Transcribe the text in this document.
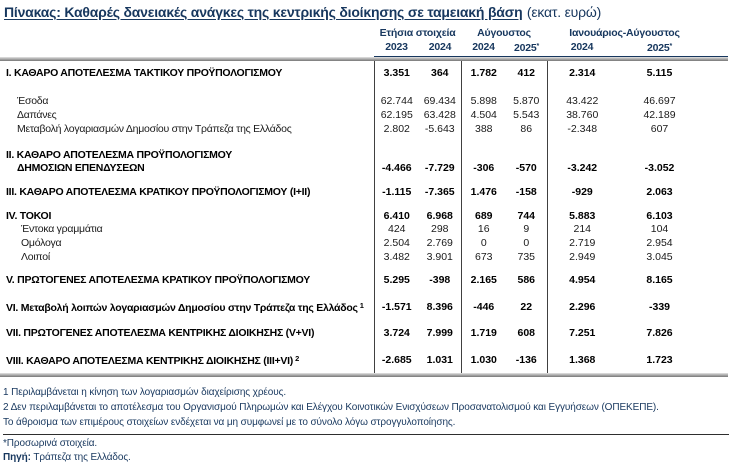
Πίνακας: Καθαρές δανειακές ανάγκες της κεντρικής διοίκησης σε ταμειακή βάση (εκατ. ευρώ)
	Ετήσια στοιχεία		Αύγουστος		Ιανουάριος-Αύγουστος		
	2023	2024	2024	2025*	2024	2025*	
I. ΚΑΘΑΡΟ ΑΠΟΤΕΛΕΣΜΑ ΤΑΚΤΙΚΟΥ ΠΡΟΫΠΟΛΟΓΙΣΜΟΥ	3.351	364	1.782	412	2.314	5.115	
Έσοδα	62.744	69.434	5.898	5.870	43.422	46.697	
Δαπάνες	62.195	63.428	4.504	5.543	38.760	42.189	
Μεταβολή λογαριασμών Δημοσίου στην Τράπεζα της Ελλάδος	2.802	-5.643	388	86	-2.348	607	

II. ΚΑΘΑΡΟ ΑΠΟΤΕΛΕΣΜΑ ΠΡΟΫΠΟΛΟΓΙΣΜΟΥ
ΔΗΜΟΣΙΩΝ ΕΠΕΝΔΥΣΕΩΝ	-4.466	-7.729	-306	-570	-3.242	-3.052	
III. ΚΑΘΑΡΟ ΑΠΟΤΕΛΕΣΜΑ ΚΡΑΤΙΚΟΥ ΠΡΟΫΠΟΛΟΓΙΣΜΟΥ (I+II)	-1.115	-7.365	1.476	-158	-929	2.063	
IV. ΤΟΚΟΙ	6.410	6.968	689	744	5.883	6.103	
Έντοκα γραμμάτια	424	298	16	9	214	104	
Ομόλογα	2.504	2.769	0	0	2.719	2.954	
Λοιποί	3.482	3.901	673	735	2.949	3.045	
V. ΠΡΩΤΟΓΕΝΕΣ ΑΠΟΤΕΛΕΣΜΑ ΚΡΑΤΙΚΟΥ ΠΡΟΫΠΟΛΟΓΙΣΜΟΥ	5.295	-398	2.165	586	4.954	8.165	
VI. Μεταβολή λοιπών λογαριασμών Δημοσίου στην Τράπεζα της Ελλάδος $^1$	-1.571	8.396	-446	22	2.296	-339	
VII. ΠΡΩΤΟΓΕΝΕΣ ΑΠΟΤΕΛΕΣΜΑ ΚΕΝΤΡΙΚΗΣ ΔΙΟΙΚΗΣΗΣ (V+VI)	3.724	7.999	1.719	608	7.251	7.826	
VIII. ΚΑΘΑΡΟ ΑΠΟΤΕΛΕΣΜΑ ΚΕΝΤΡΙΚΗΣ ΔΙΟΙΚΗΣΗΣ (III+VI) $^2$	-2.685	1.031	1.030	-136	1.368	1.723	
1 Περιλαμβάνεται η κίνηση των λογαριασμών διαχείρισης χρέους.
2 Δεν περιλαμβάνεται το αποτέλεσμα του Οργανισμού Πληρωμών και Ελέγχου Κοινοτικών Ενισχύσεων Προσανατολισμού και Εγγυήσεων (ΟΠΕΚΕΠΕ).
Το άθροισμα των επιμέρους στοιχείων ενδέχεται να μη συμφωνεί με το σύνολο λόγω στρογγυλοποίησης.
*Προσωρινά στοιχεία.
Πηγή: Τράπεζα της Ελλάδος.
